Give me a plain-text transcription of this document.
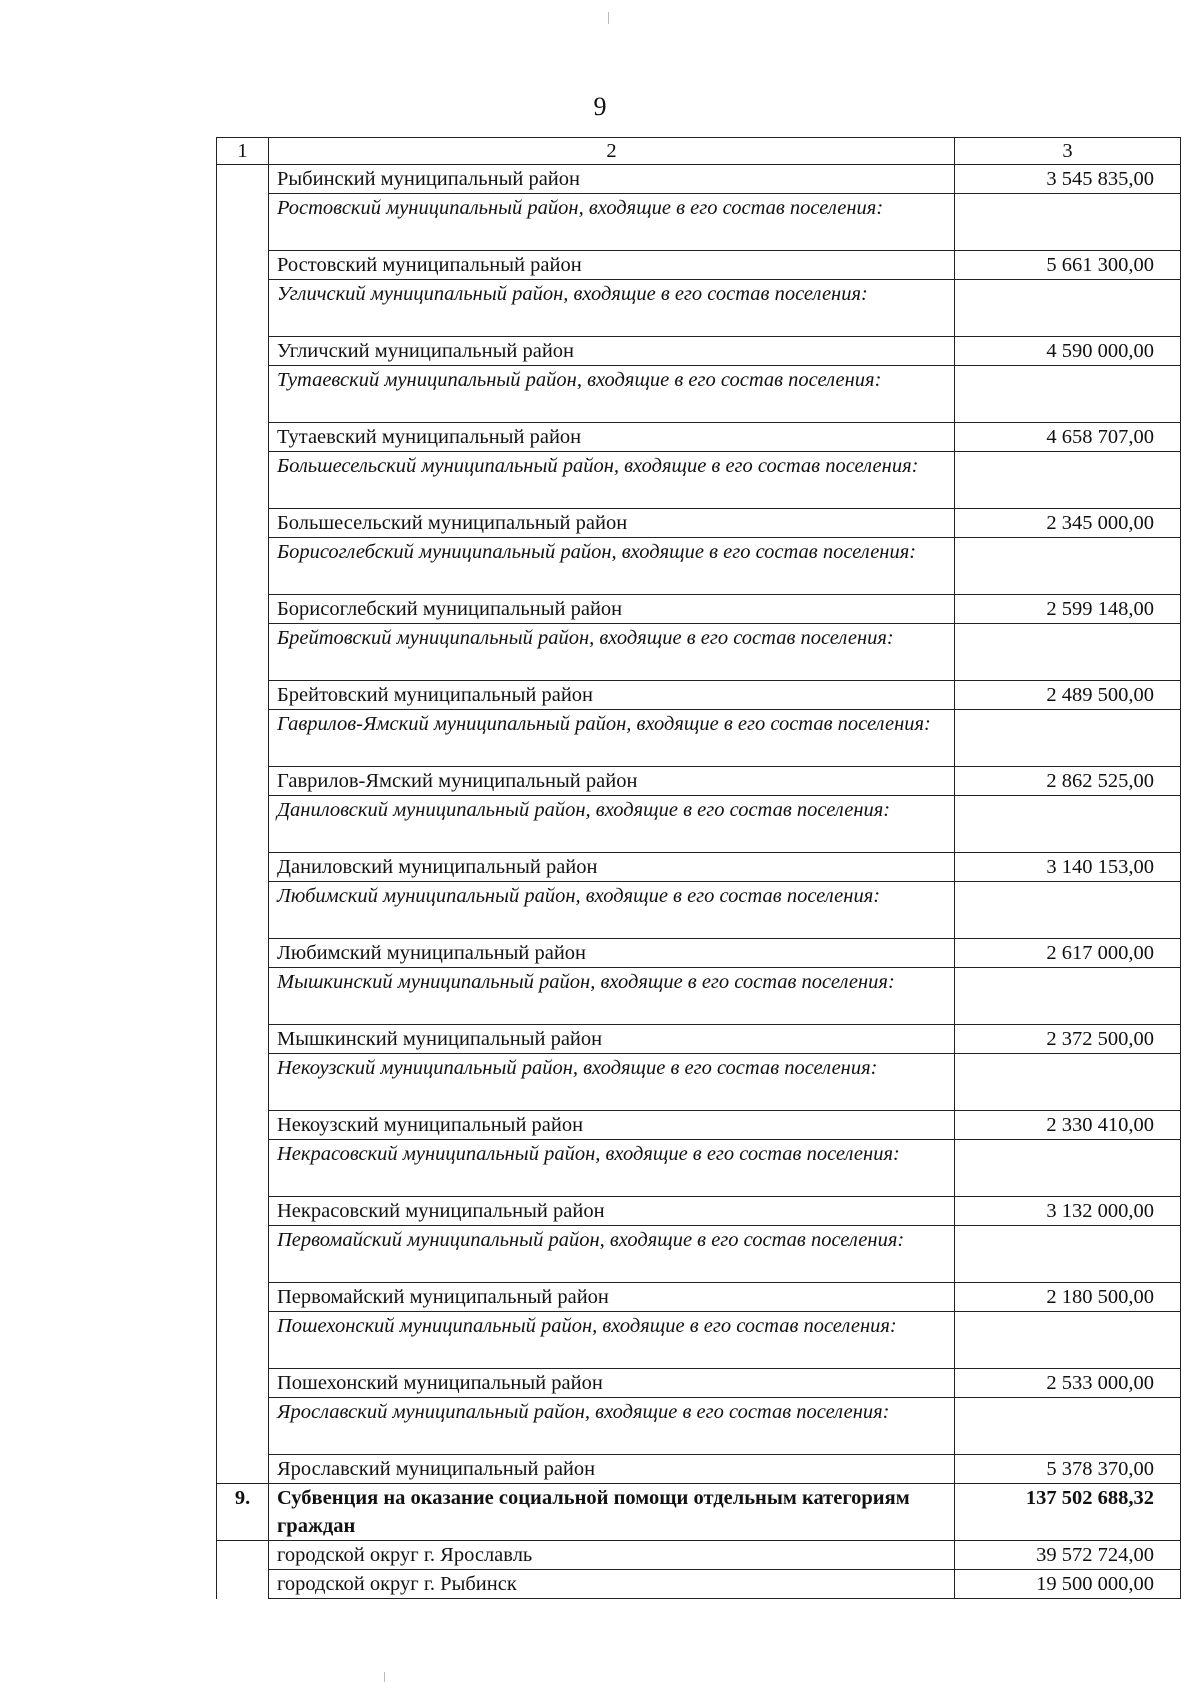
9
1	2	3
	Рыбинский муниципальный район	3 545 835,00
	Ростовский муниципальный район, входящие в его состав поселения:	
	Ростовский муниципальный район	5 661 300,00
	Угличский муниципальный район, входящие в его состав поселения:	
	Угличский муниципальный район	4 590 000,00
	Тутаевский муниципальный район, входящие в его состав поселения:	
	Тутаевский муниципальный район	4 658 707,00
	Большесельский муниципальный район, входящие в его состав поселения:	
	Большесельский муниципальный район	2 345 000,00
	Борисоглебский муниципальный район, входящие в его состав поселения:	
	Борисоглебский муниципальный район	2 599 148,00
	Брейтовский муниципальный район, входящие в его состав поселения:	
	Брейтовский муниципальный район	2 489 500,00
	Гаврилов-Ямский муниципальный район, входящие в его состав поселения:	
	Гаврилов-Ямский муниципальный район	2 862 525,00
	Даниловский муниципальный район, входящие в его состав поселения:	
	Даниловский муниципальный район	3 140 153,00
	Любимский муниципальный район, входящие в его состав поселения:	
	Любимский муниципальный район	2 617 000,00
	Мышкинский муниципальный район, входящие в его состав поселения:	
	Мышкинский муниципальный район	2 372 500,00
	Некоузский муниципальный район, входящие в его состав поселения:	
	Некоузский муниципальный район	2 330 410,00
	Некрасовский муниципальный район, входящие в его состав поселения:	
	Некрасовский муниципальный район	3 132 000,00
	Первомайский муниципальный район, входящие в его состав поселения:	
	Первомайский муниципальный район	2 180 500,00
	Пошехонский муниципальный район, входящие в его состав поселения:	
	Пошехонский муниципальный район	2 533 000,00
	Ярославский муниципальный район, входящие в его состав поселения:	
	Ярославский муниципальный район	5 378 370,00
9.	Субвенция на оказание социальной помощи отдельным категориям граждан	137 502 688,32
	городской округ г. Ярославль	39 572 724,00
	городской округ г. Рыбинск	19 500 000,00
